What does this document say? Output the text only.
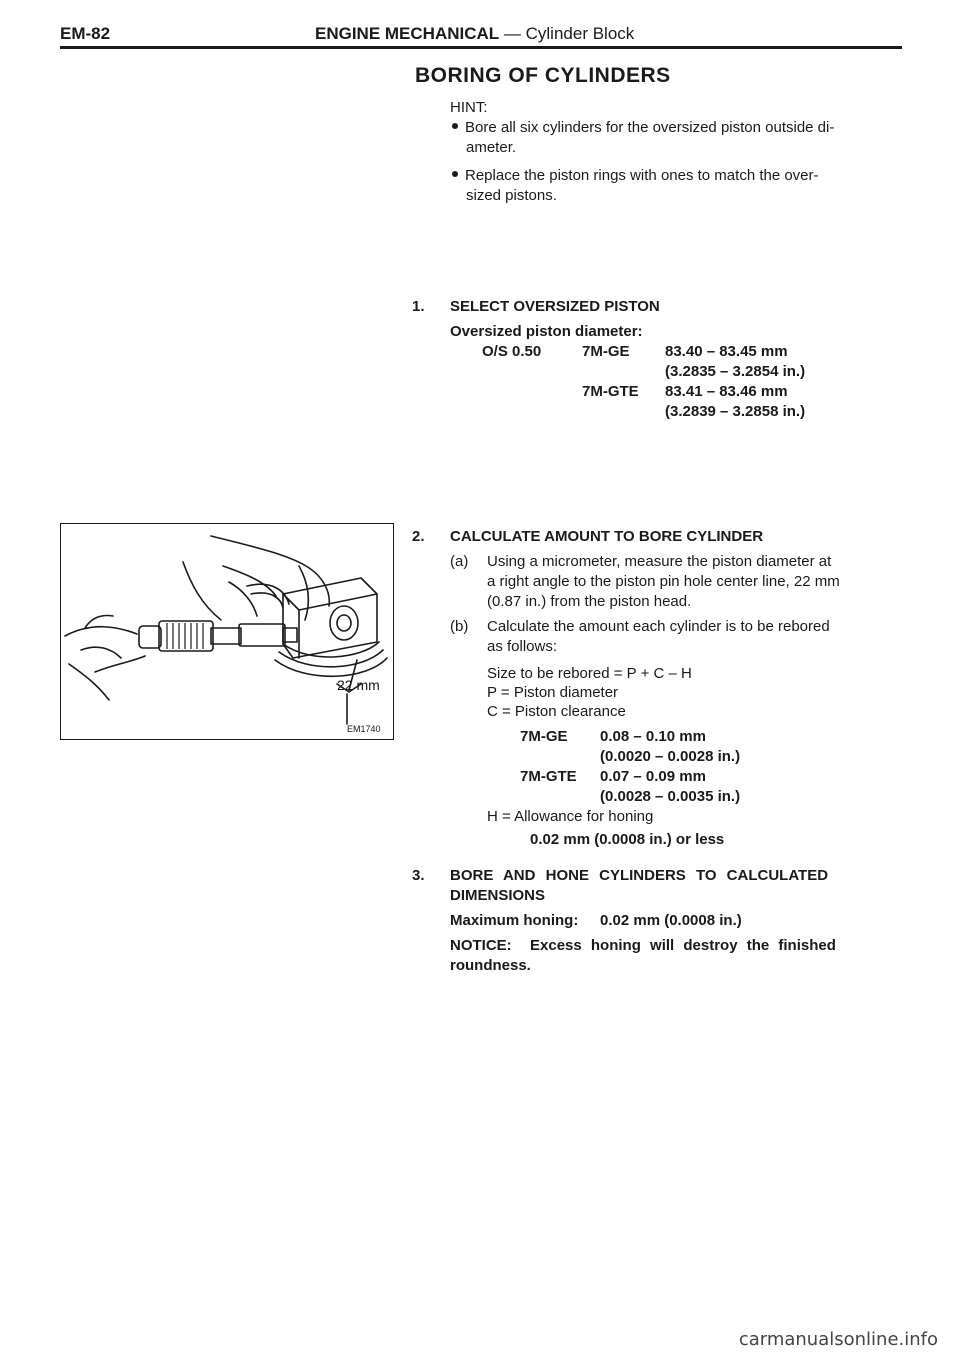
EM-82	ENGINE MECHANICAL — Cylinder Block
BORING OF CYLINDERS
HINT:
Bore all six cylinders for the oversized piston outside di-
ameter.
Replace the piston rings with ones to match the over-
sized pistons.
1. SELECT OVERSIZED PISTON
Oversized piston diameter:
O/S 0.50	7M-GE 83.40 – 83.45 mm
(3.2835 – 3.2854 in.)
7M-GTE 83.41 – 83.46 mm
(3.2839 – 3.2858 in.)
22 mm
EM1740
2. CALCULATE AMOUNT TO BORE CYLINDER
(a) Using a micrometer, measure the piston diameter at
a right angle to the piston pin hole center line, 22 mm
(0.87 in.) from the piston head.
(b) Calculate the amount each cylinder is to be rebored
as follows:
Size to be rebored = P + C – H
P = Piston diameter
C = Piston clearance
7M-GE 0.08 – 0.10 mm
(0.0020 – 0.0028 in.)
7M-GTE 0.07 – 0.09 mm
(0.0028 – 0.0035 in.)
H = Allowance for honing
0.02 mm (0.0008 in.) or less
3. BORE AND HONE CYLINDERS TO CALCULATED
DIMENSIONS
Maximum honing: 0.02 mm (0.0008 in.)
NOTICE: Excess honing will destroy the finished
roundness.
carmanualsonline.info
